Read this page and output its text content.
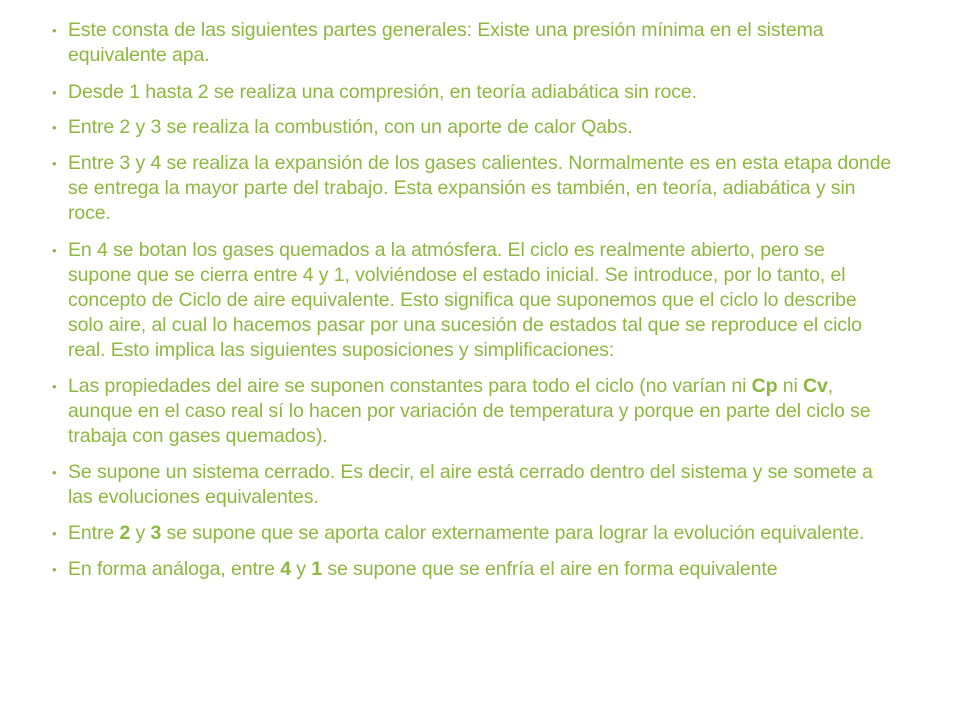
• Este consta de las siguientes partes generales: Existe una presión mínima en el sistema equivalente apa.
• Desde 1 hasta 2 se realiza una compresión, en teoría adiabática sin roce.
• Entre 2 y 3 se realiza la combustión, con un aporte de calor Qabs.
• Entre 3 y 4 se realiza la expansión de los gases calientes. Normalmente es en esta etapa donde se entrega la mayor parte del trabajo. Esta expansión es también, en teoría, adiabática y sin roce.
• En 4 se botan los gases quemados a la atmósfera. El ciclo es realmente abierto, pero se supone que se cierra entre 4 y 1, volviéndose el estado inicial. Se introduce, por lo tanto, el concepto de Ciclo de aire equivalente. Esto significa que suponemos que el ciclo lo describe solo aire, al cual lo hacemos pasar por una sucesión de estados tal que se reproduce el ciclo real. Esto implica las siguientes suposiciones y simplificaciones:
• Las propiedades del aire se suponen constantes para todo el ciclo (no varían ni Cp ni Cv, aunque en el caso real sí lo hacen por variación de temperatura y porque en parte del ciclo se trabaja con gases quemados).
• Se supone un sistema cerrado. Es decir, el aire está cerrado dentro del sistema y se somete a las evoluciones equivalentes.
• Entre 2 y 3 se supone que se aporta calor externamente para lograr la evolución equivalente.
• En forma análoga, entre 4 y 1 se supone que se enfría el aire en forma equivalente
